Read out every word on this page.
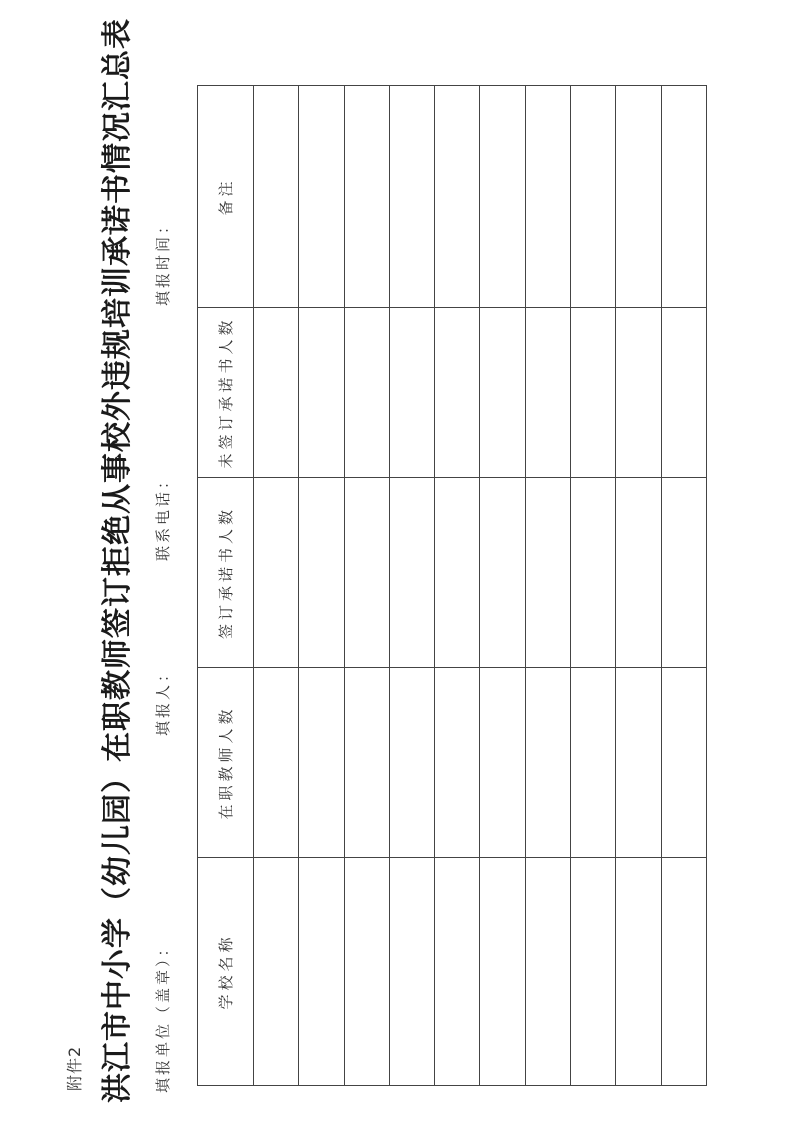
附件2 洪江市中小学（幼儿园）在职教师签订拒绝从事校外违规培训承诺书情况汇总表 填报单位（盖章）：
填报人：
联系电话：
填报时间：
学校名称	在职教师人数	签订承诺书人数	未签订承诺书人数	备注
